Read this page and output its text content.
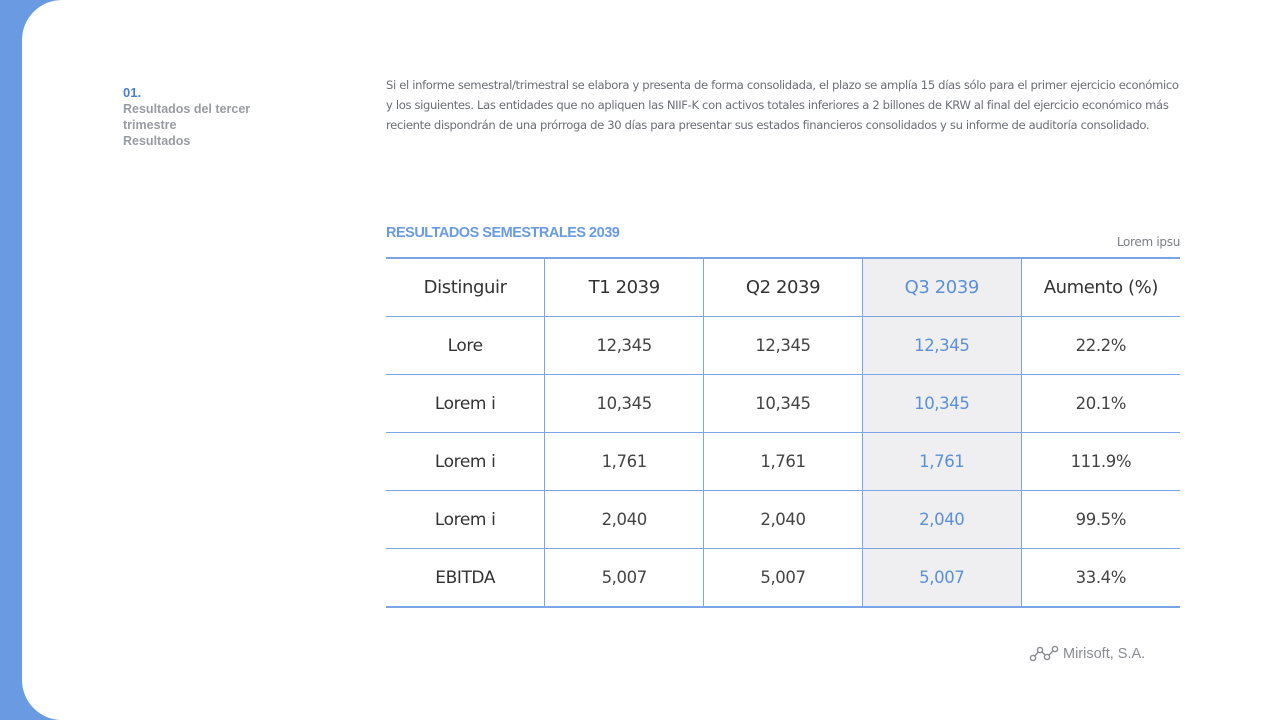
01.
Resultados del tercer
trimestre
Resultados
Si el informe semestral/trimestral se elabora y presenta de forma consolidada, el plazo se amplía 15 días sólo para el primer ejercicio económico y los siguientes. Las entidades que no apliquen las NIIF-K con activos totales inferiores a 2 billones de KRW al final del ejercicio económico más reciente dispondrán de una prórroga de 30 días para presentar sus estados financieros consolidados y su informe de auditoría consolidado.
RESULTADOS SEMESTRALES 2039
Lorem ipsu
Distinguir	T1 2039	Q2 2039	Q3 2039	Aumento (%)
Lore	12,345	12,345	12,345	22.2%
Lorem i	10,345	10,345	10,345	20.1%
Lorem i	1,761	1,761	1,761	111.9%
Lorem i	2,040	2,040	2,040	99.5%
EBITDA	5,007	5,007	5,007	33.4%
Mirisoft, S.A.
